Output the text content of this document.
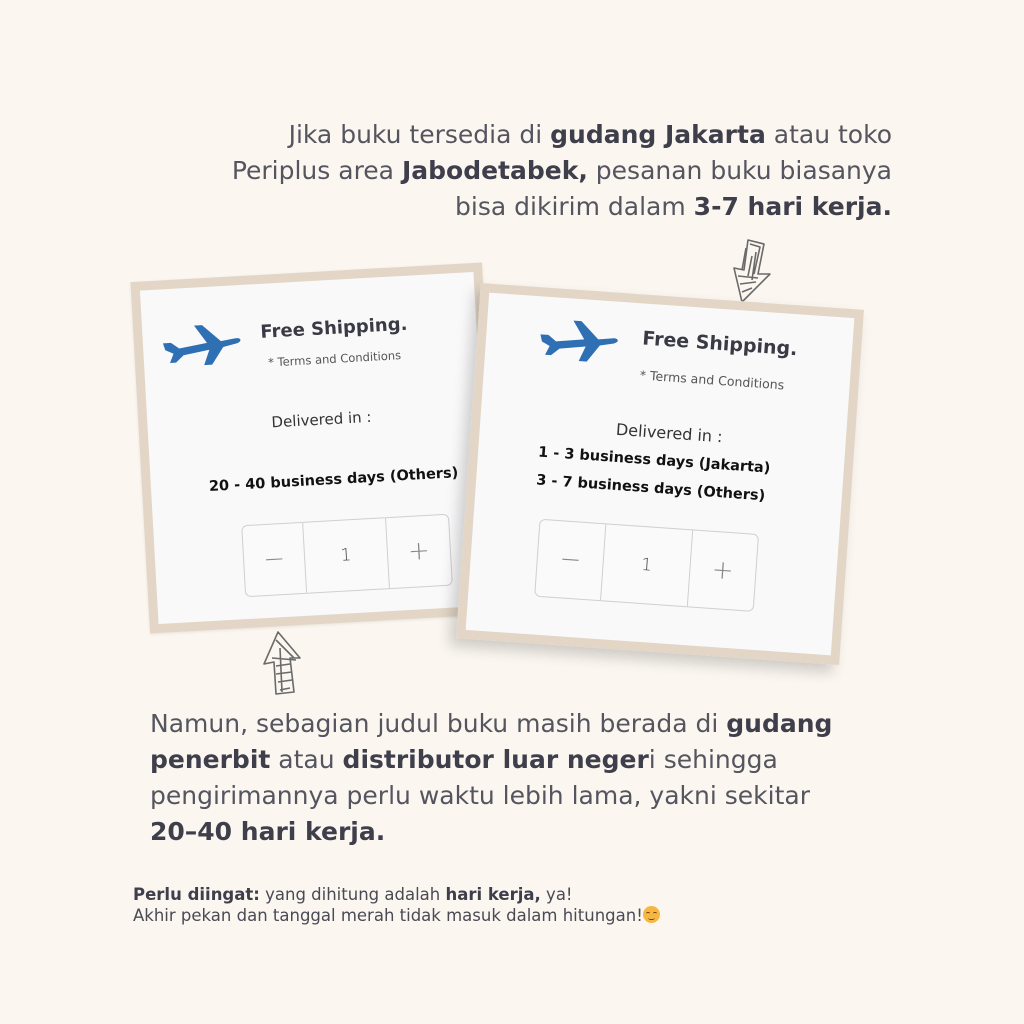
Jika buku tersedia di gudang Jakarta atau toko
Periplus area Jabodetabek, pesanan buku biasanya
bisa dikirim dalam 3-7 hari kerja.
Free Shipping.
* Terms and Conditions
Delivered in :
20 - 40 business days (Others)
−	1	+
Free Shipping.
* Terms and Conditions
Delivered in :
1 - 3 business days (Jakarta)
3 - 7 business days (Others)
−	1	+
Namun, sebagian judul buku masih berada di gudang
penerbit atau distributor luar negeri sehingga
pengirimannya perlu waktu lebih lama, yakni sekitar
20–40 hari kerja.
Perlu diingat: yang dihitung adalah hari kerja, ya!
Akhir pekan dan tanggal merah tidak masuk dalam hitungan!
